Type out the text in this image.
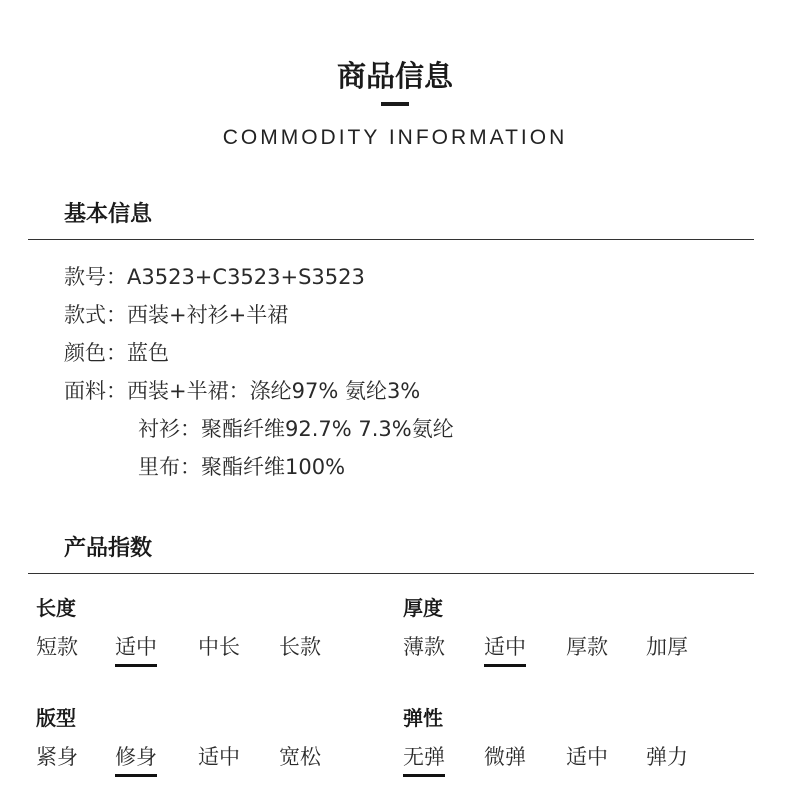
商品信息
COMMODITY INFORMATION
基本信息
款号：A3523+C3523+S3523
款式：西装+衬衫+半裙
颜色：蓝色
面料：西装+半裙：涤纶97% 氨纶3%
衬衫：聚酯纤维92.7% 7.3%氨纶
里布：聚酯纤维100%
产品指数
长度
短款 适中 中长 长款
厚度
薄款 适中 厚款 加厚
版型
紧身 修身 适中 宽松
弹性
无弹 微弹 适中 弹力
